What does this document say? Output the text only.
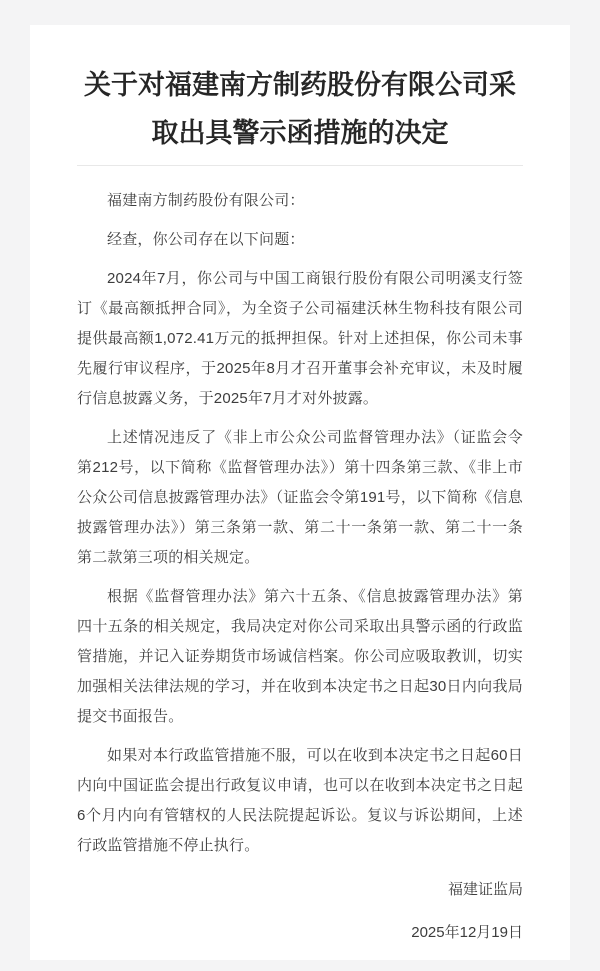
关于对福建南方制药股份有限公司采取出具警示函措施的决定

福建南方制药股份有限公司：

经查，你公司存在以下问题：

2024年7月，你公司与中国工商银行股份有限公司明溪支行签订《最高额抵押合同》，为全资子公司福建沃林生物科技有限公司提供最高额1,072.41万元的抵押担保。针对上述担保，你公司未事先履行审议程序，于2025年8月才召开董事会补充审议，未及时履行信息披露义务，于2025年7月才对外披露。

上述情况违反了《非上市公众公司监督管理办法》（证监会令第212号，以下简称《监督管理办法》）第十四条第三款、《非上市公众公司信息披露管理办法》（证监会令第191号，以下简称《信息披露管理办法》）第三条第一款、第二十一条第一款、第二十一条第二款第三项的相关规定。

根据《监督管理办法》第六十五条、《信息披露管理办法》第四十五条的相关规定，我局决定对你公司采取出具警示函的行政监管措施，并记入证券期货市场诚信档案。你公司应吸取教训，切实加强相关法律法规的学习，并在收到本决定书之日起30日内向我局提交书面报告。

如果对本行政监管措施不服，可以在收到本决定书之日起60日内向中国证监会提出行政复议申请，也可以在收到本决定书之日起6个月内向有管辖权的人民法院提起诉讼。复议与诉讼期间，上述行政监管措施不停止执行。

福建证监局

2025年12月19日
